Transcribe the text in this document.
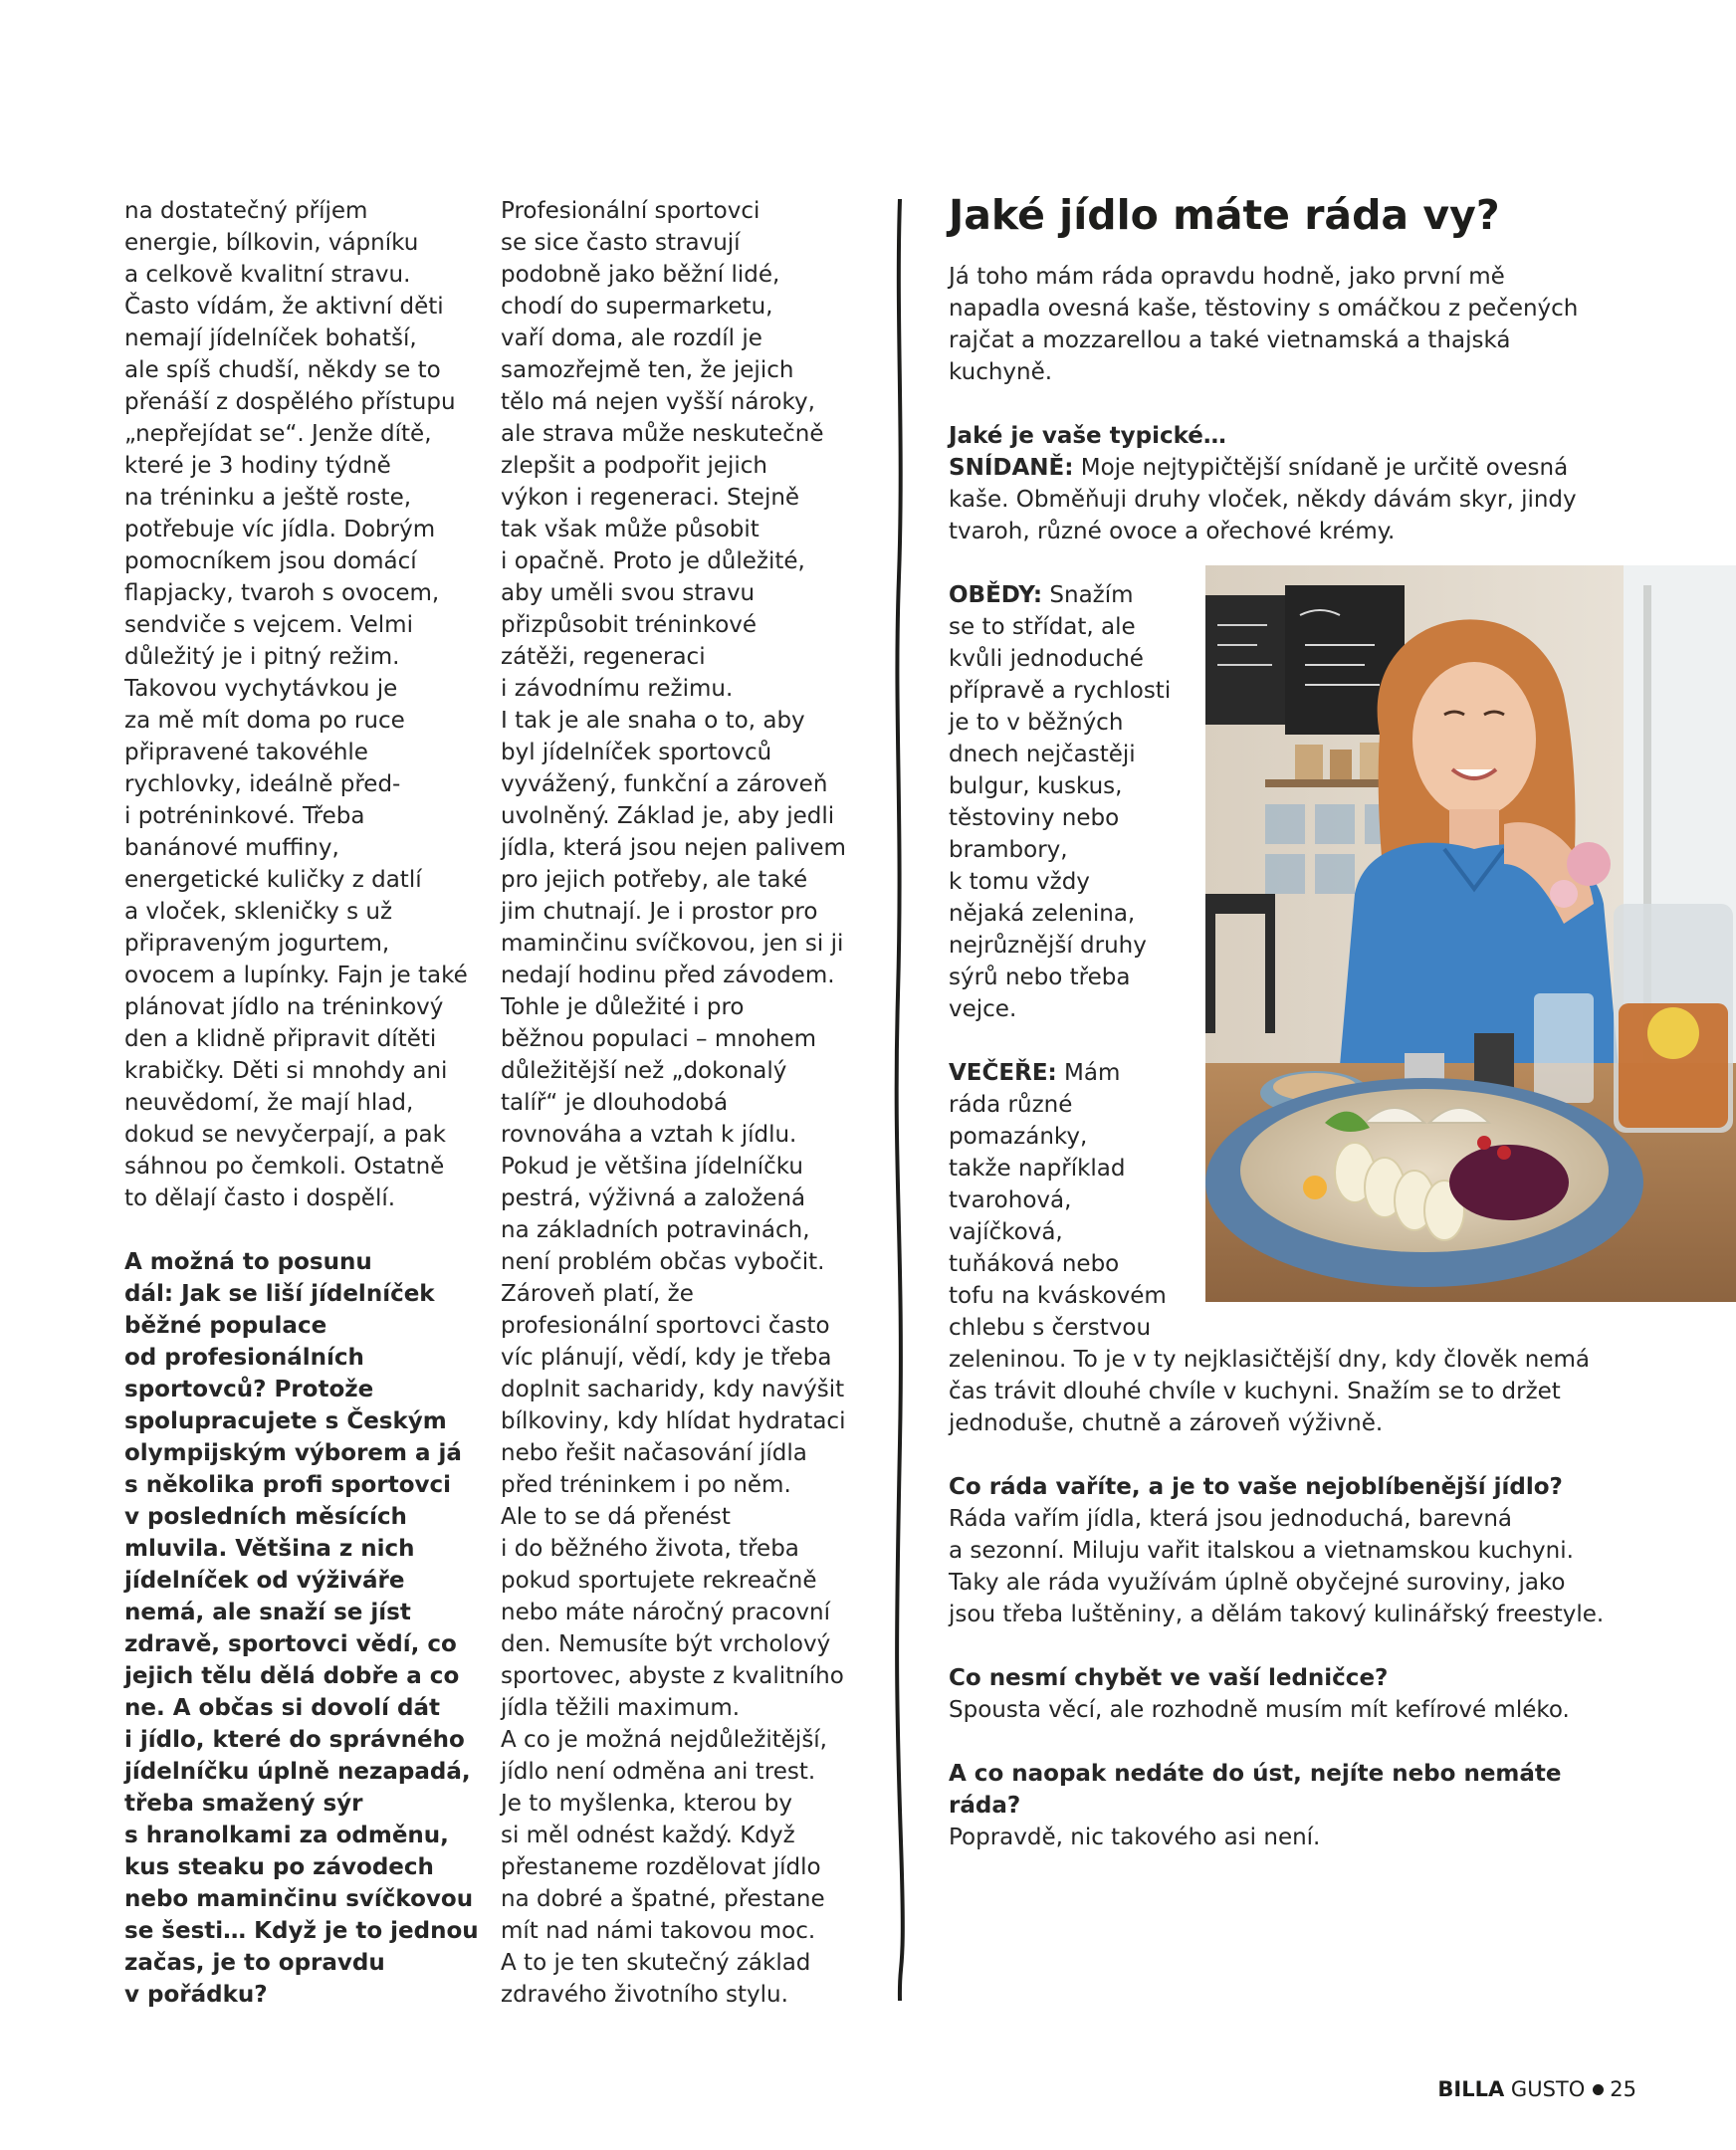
na dostatečný příjem
energie, bílkovin, vápníku
a celkově kvalitní stravu.
Často vídám, že aktivní děti
nemají jídelníček bohatší,
ale spíš chudší, někdy se to
přenáší z dospělého přístupu
„nepřejídat se“. Jenže dítě,
které je 3 hodiny týdně
na tréninku a ještě roste,
potřebuje víc jídla. Dobrým
pomocníkem jsou domácí
flapjacky, tvaroh s ovocem,
sendviče s vejcem. Velmi
důležitý je i pitný režim.
Takovou vychytávkou je
za mě mít doma po ruce
připravené takovéhle
rychlovky, ideálně před-
i potréninkové. Třeba
banánové muffiny,
energetické kuličky z datlí
a vloček, skleničky s už
připraveným jogurtem,
ovocem a lupínky. Fajn je také
plánovat jídlo na tréninkový
den a klidně připravit dítěti
krabičky. Děti si mnohdy ani
neuvědomí, že mají hlad,
dokud se nevyčerpají, a pak
sáhnou po čemkoli. Ostatně
to dělají často i dospělí.
A možná to posunu
dál: Jak se liší jídelníček
běžné populace
od profesionálních
sportovců? Protože
spolupracujete s Českým
olympijským výborem a já
s několika profi sportovci
v posledních měsících
mluvila. Většina z nich
jídelníček od výživáře
nemá, ale snaží se jíst
zdravě, sportovci vědí, co
jejich tělu dělá dobře a co
ne. A občas si dovolí dát
i jídlo, které do správného
jídelníčku úplně nezapadá,
třeba smažený sýr
s hranolkami za odměnu,
kus steaku po závodech
nebo maminčinu svíčkovou
se šesti… Když je to jednou
začas, je to opravdu
v pořádku?
Profesionální sportovci
se sice často stravují
podobně jako běžní lidé,
chodí do supermarketu,
vaří doma, ale rozdíl je
samozřejmě ten, že jejich
tělo má nejen vyšší nároky,
ale strava může neskutečně
zlepšit a podpořit jejich
výkon i regeneraci. Stejně
tak však může působit
i opačně. Proto je důležité,
aby uměli svou stravu
přizpůsobit tréninkové
zátěži, regeneraci
i závodnímu režimu.
I tak je ale snaha o to, aby
byl jídelníček sportovců
vyvážený, funkční a zároveň
uvolněný. Základ je, aby jedli
jídla, která jsou nejen palivem
pro jejich potřeby, ale také
jim chutnají. Je i prostor pro
maminčinu svíčkovou, jen si ji
nedají hodinu před závodem.
Tohle je důležité i pro
běžnou populaci – mnohem
důležitější než „dokonalý
talíř“ je dlouhodobá
rovnováha a vztah k jídlu.
Pokud je většina jídelníčku
pestrá, výživná a založená
na základních potravinách,
není problém občas vybočit.
Zároveň platí, že
profesionální sportovci často
víc plánují, vědí, kdy je třeba
doplnit sacharidy, kdy navýšit
bílkoviny, kdy hlídat hydrataci
nebo řešit načasování jídla
před tréninkem i po něm.
Ale to se dá přenést
i do běžného života, třeba
pokud sportujete rekreačně
nebo máte náročný pracovní
den. Nemusíte být vrcholový
sportovec, abyste z kvalitního
jídla těžili maximum.
A co je možná nejdůležitější,
jídlo není odměna ani trest.
Je to myšlenka, kterou by
si měl odnést každý. Když
přestaneme rozdělovat jídlo
na dobré a špatné, přestane
mít nad námi takovou moc.
A to je ten skutečný základ
zdravého životního stylu.
Jaké jídlo máte ráda vy?
Já toho mám ráda opravdu hodně, jako první mě
napadla ovesná kaše, těstoviny s omáčkou z pečených
rajčat a mozzarellou a také vietnamská a thajská
kuchyně.
Jaké je vaše typické…
SNÍDANĚ: Moje nejtypičtější snídaně je určitě ovesná
kaše. Obměňuji druhy vloček, někdy dávám skyr, jindy
tvaroh, různé ovoce a ořechové krémy.
OBĚDY: Snažím
se to střídat, ale
kvůli jednoduché
přípravě a rychlosti
je to v běžných
dnech nejčastěji
bulgur, kuskus,
těstoviny nebo
brambory,
k tomu vždy
nějaká zelenina,
nejrůznější druhy
sýrů nebo třeba
vejce.
VEČEŘE: Mám
ráda různé
pomazánky,
takže například
tvarohová,
vajíčková,
tuňáková nebo
tofu na kváskovém
chlebu s čerstvou
zeleninou. To je v ty nejklasičtější dny, kdy člověk nemá
čas trávit dlouhé chvíle v kuchyni. Snažím se to držet
jednoduše, chutně a zároveň výživně.
Co ráda vaříte, a je to vaše nejoblíbenější jídlo?
Ráda vařím jídla, která jsou jednoduchá, barevná
a sezonní. Miluju vařit italskou a vietnamskou kuchyni.
Taky ale ráda využívám úplně obyčejné suroviny, jako
jsou třeba luštěniny, a dělám takový kulinářský freestyle.
Co nesmí chybět ve vaší ledničce?
Spousta věcí, ale rozhodně musím mít kefírové mléko.
A co naopak nedáte do úst, nejíte nebo nemáte
ráda?
Popravdě, nic takového asi není.
BILLA GUSTO 25
